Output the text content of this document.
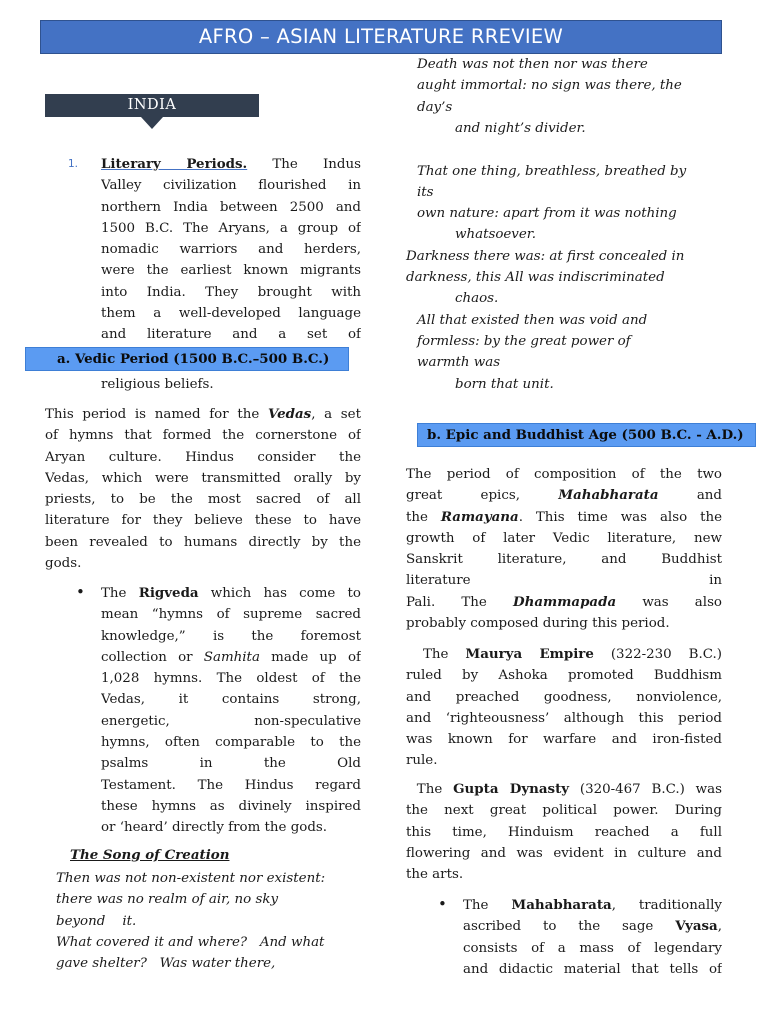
AFRO – ASIAN LITERATURE RREVIEW
INDIA
1. Literary Periods. The Indus
Valley civilization flourished in
northern India between 2500 and
1500 B.C. The Aryans, a group of
nomadic warriors and herders,
were the earliest known migrants
into India. They brought with
them a well-developed language
and literature and a set of
a. Vedic Period (1500 B.C.–500 B.C.)
religious beliefs.
This period is named for the Vedas, a set
of hymns that formed the cornerstone of
Aryan culture. Hindus consider the
Vedas, which were transmitted orally by
priests, to be the most sacred of all
literature for they believe these to have
been revealed to humans directly by the
gods.
• The Rigveda which has come to
mean “hymns of supreme sacred
knowledge,” is the foremost
collection or Samhita made up of
1,028 hymns. The oldest of the
Vedas, it contains strong,
energetic, non-speculative
hymns, often comparable to the
psalms in the Old
Testament. The Hindus regard
these hymns as divinely inspired
or ‘heard’ directly from the gods.
The Song of Creation
Then was not non-existent nor existent:
there was no realm of air, no sky
beyond    it.
What covered it and where?   And what
gave shelter?   Was water there,
Death was not then nor was there
aught immortal: no sign was there, the
day’s
and night’s divider.
That one thing, breathless, breathed by
its
own nature: apart from it was nothing
whatsoever.
Darkness there was: at first concealed in
darkness, this All was indiscriminated
chaos.
All that existed then was void and
formless: by the great power of
warmth was
born that unit.
b. Epic and Buddhist Age (500 B.C. - A.D.)
The period of composition of the two
great epics, Mahabharata and
the Ramayana. This time was also the
growth of later Vedic literature, new
Sanskrit literature, and Buddhist
literature	in
Pali. The Dhammapada was also
probably composed during this period.
The Maurya Empire (322-230 B.C.)
ruled by Ashoka promoted Buddhism
and preached goodness, nonviolence,
and ‘righteousness’ although this period
was known for warfare and iron-fisted
rule.
The Gupta Dynasty (320-467 B.C.) was
the next great political power. During
this time, Hinduism reached a full
flowering and was evident in culture and
the arts.
• The Mahabharata, traditionally
ascribed to the sage Vyasa,
consists of a mass of legendary
and didactic material that tells of
